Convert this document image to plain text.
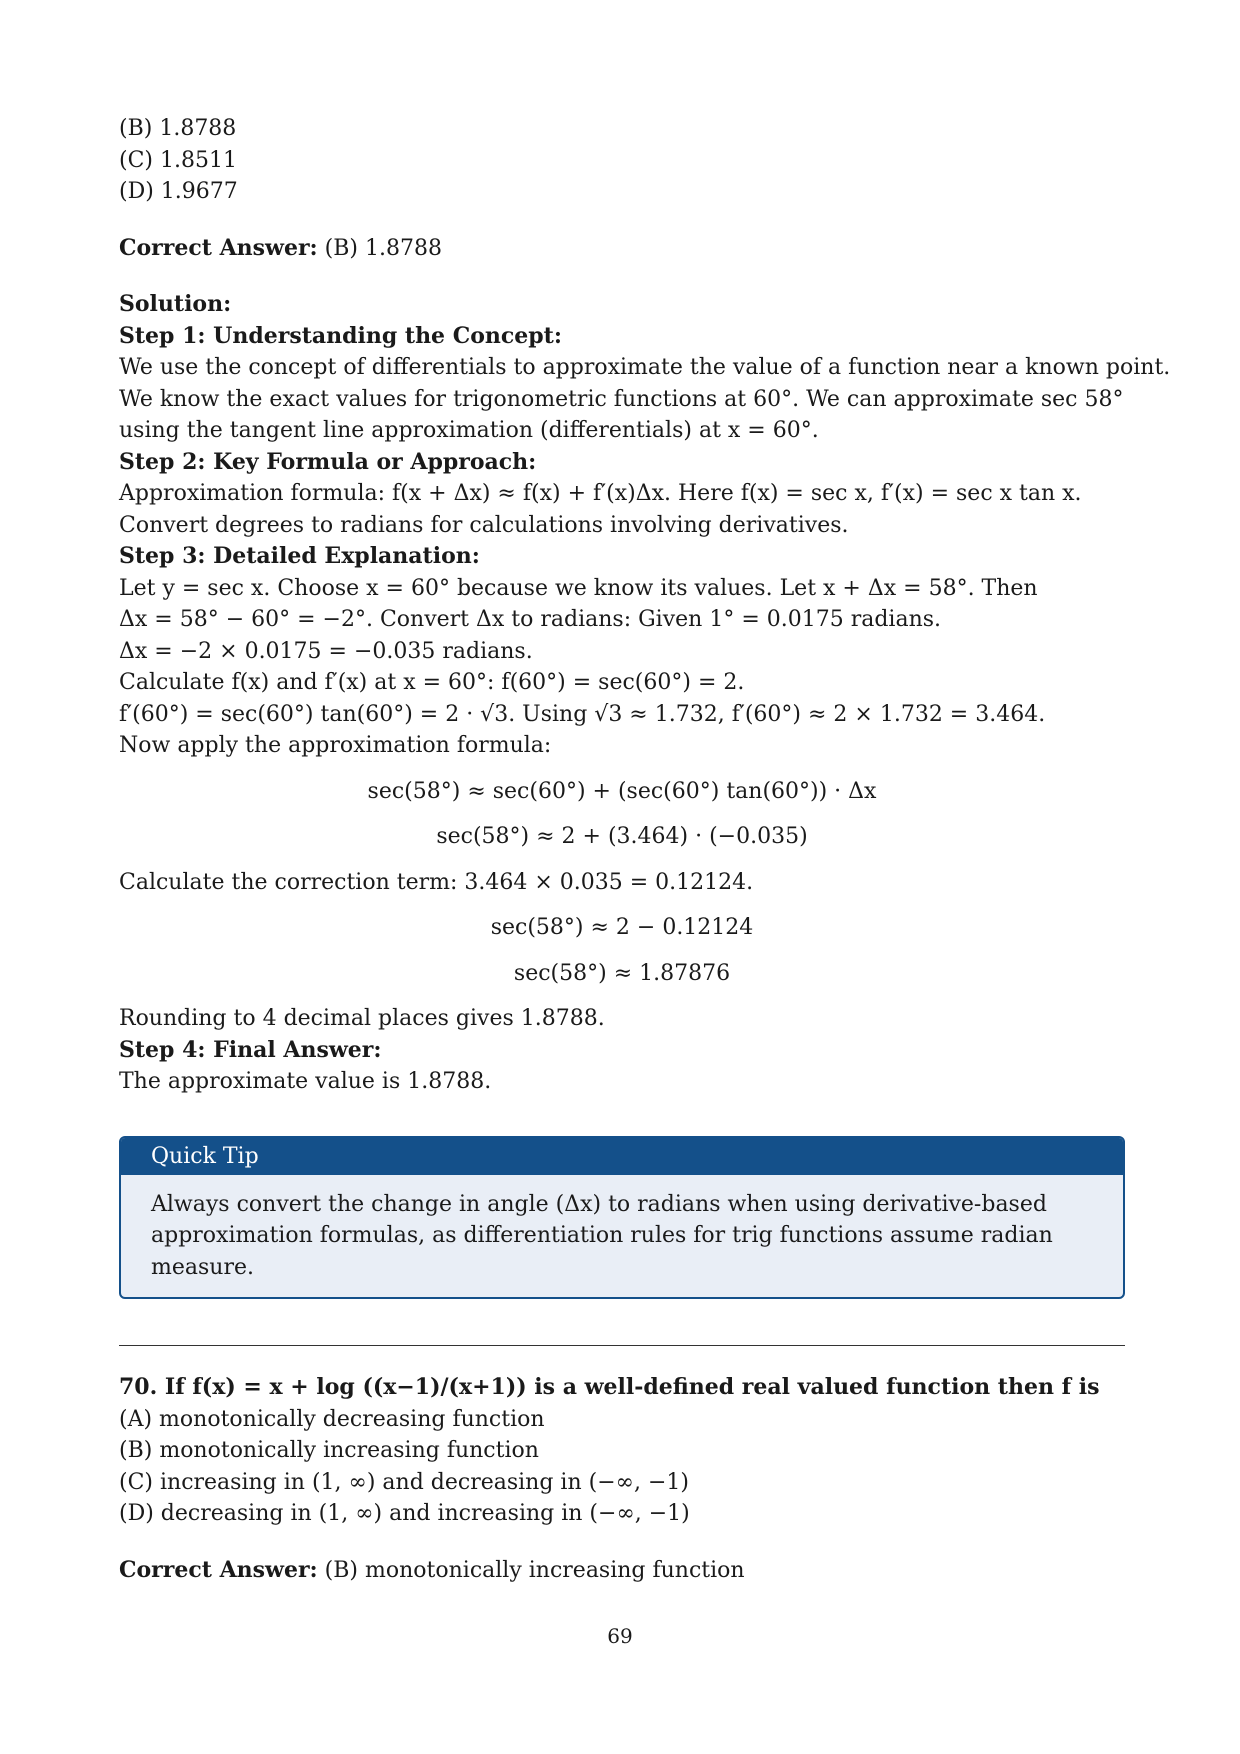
(B) 1.8788
(C) 1.8511
(D) 1.9677
Correct Answer: (B) 1.8788
Solution:
Step 1: Understanding the Concept:
We use the concept of differentials to approximate the value of a function near a known point.
We know the exact values for trigonometric functions at 60°. We can approximate sec 58°
using the tangent line approximation (differentials) at x = 60°.
Step 2: Key Formula or Approach:
Approximation formula: f(x + Δx) ≈ f(x) + f′(x)Δx. Here f(x) = sec x, f′(x) = sec x tan x.
Convert degrees to radians for calculations involving derivatives.
Step 3: Detailed Explanation:
Let y = sec x. Choose x = 60° because we know its values. Let x + Δx = 58°. Then
Δx = 58° − 60° = −2°. Convert Δx to radians: Given 1° = 0.0175 radians.
Δx = −2 × 0.0175 = −0.035 radians.
Calculate f(x) and f′(x) at x = 60°: f(60°) = sec(60°) = 2.
f′(60°) = sec(60°) tan(60°) = 2 · √3. Using √3 ≈ 1.732, f′(60°) ≈ 2 × 1.732 = 3.464.
Now apply the approximation formula:
sec(58°) ≈ sec(60°) + (sec(60°) tan(60°)) · Δx
sec(58°) ≈ 2 + (3.464) · (−0.035)
Calculate the correction term: 3.464 × 0.035 = 0.12124.
sec(58°) ≈ 2 − 0.12124
sec(58°) ≈ 1.87876
Rounding to 4 decimal places gives 1.8788.
Step 4: Final Answer:
The approximate value is 1.8788.
Quick Tip
Always convert the change in angle (Δx) to radians when using derivative-based approximation formulas, as differentiation rules for trig functions assume radian measure.
70. If f(x) = x + log ((x−1)/(x+1)) is a well-defined real valued function then f is
(A) monotonically decreasing function
(B) monotonically increasing function
(C) increasing in (1, ∞) and decreasing in (−∞, −1)
(D) decreasing in (1, ∞) and increasing in (−∞, −1)
Correct Answer: (B) monotonically increasing function
69
